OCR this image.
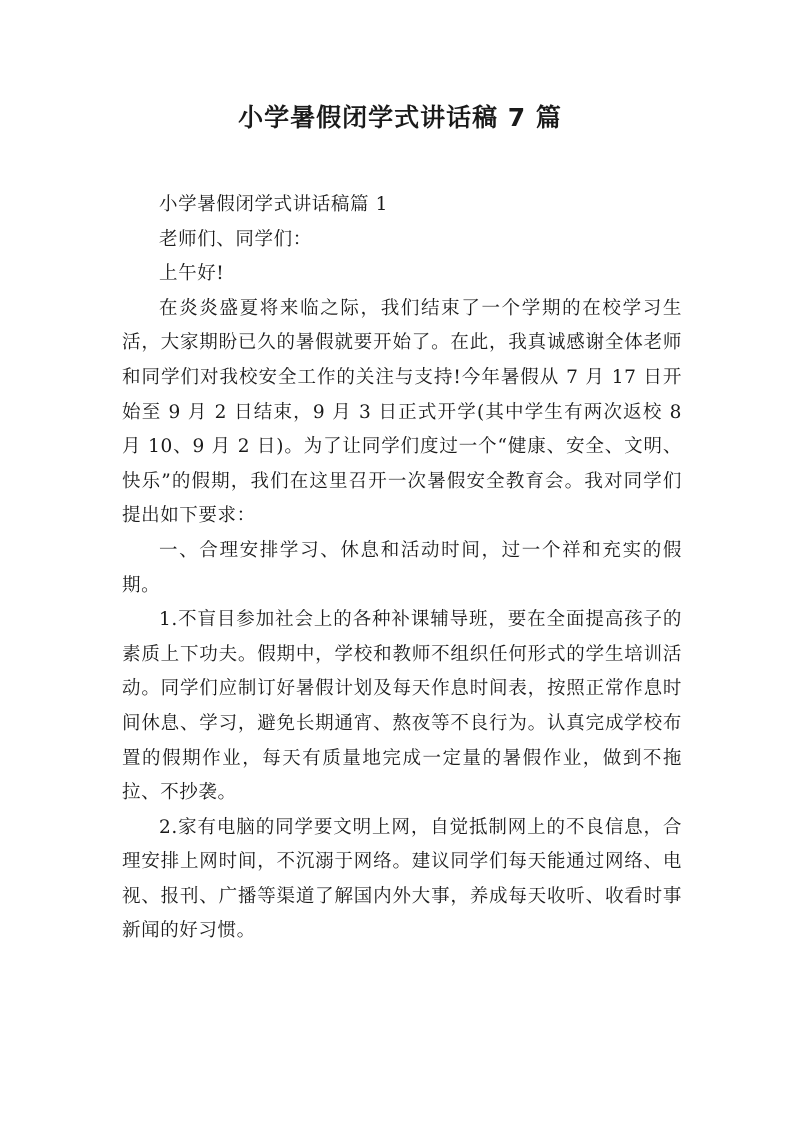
小学暑假闭学式讲话稿 7 篇

小学暑假闭学式讲话稿篇 1

老师们、同学们：

上午好!

在炎炎盛夏将来临之际，我们结束了一个学期的在校学习生活，大家期盼已久的暑假就要开始了。在此，我真诚感谢全体老师和同学们对我校安全工作的关注与支持!今年暑假从 7 月 17 日开始至 9 月 2 日结束，9 月 3 日正式开学(其中学生有两次返校 8 月 10、9 月 2 日)。为了让同学们度过一个“健康、安全、文明、快乐”的假期，我们在这里召开一次暑假安全教育会。我对同学们提出如下要求：

一、合理安排学习、休息和活动时间，过一个祥和充实的假期。

1.不盲目参加社会上的各种补课辅导班，要在全面提高孩子的素质上下功夫。假期中，学校和教师不组织任何形式的学生培训活动。同学们应制订好暑假计划及每天作息时间表，按照正常作息时间休息、学习，避免长期通宵、熬夜等不良行为。认真完成学校布置的假期作业，每天有质量地完成一定量的暑假作业，做到不拖拉、不抄袭。

2.家有电脑的同学要文明上网，自觉抵制网上的不良信息，合理安排上网时间，不沉溺于网络。建议同学们每天能通过网络、电视、报刊、广播等渠道了解国内外大事，养成每天收听、收看时事新闻的好习惯。
